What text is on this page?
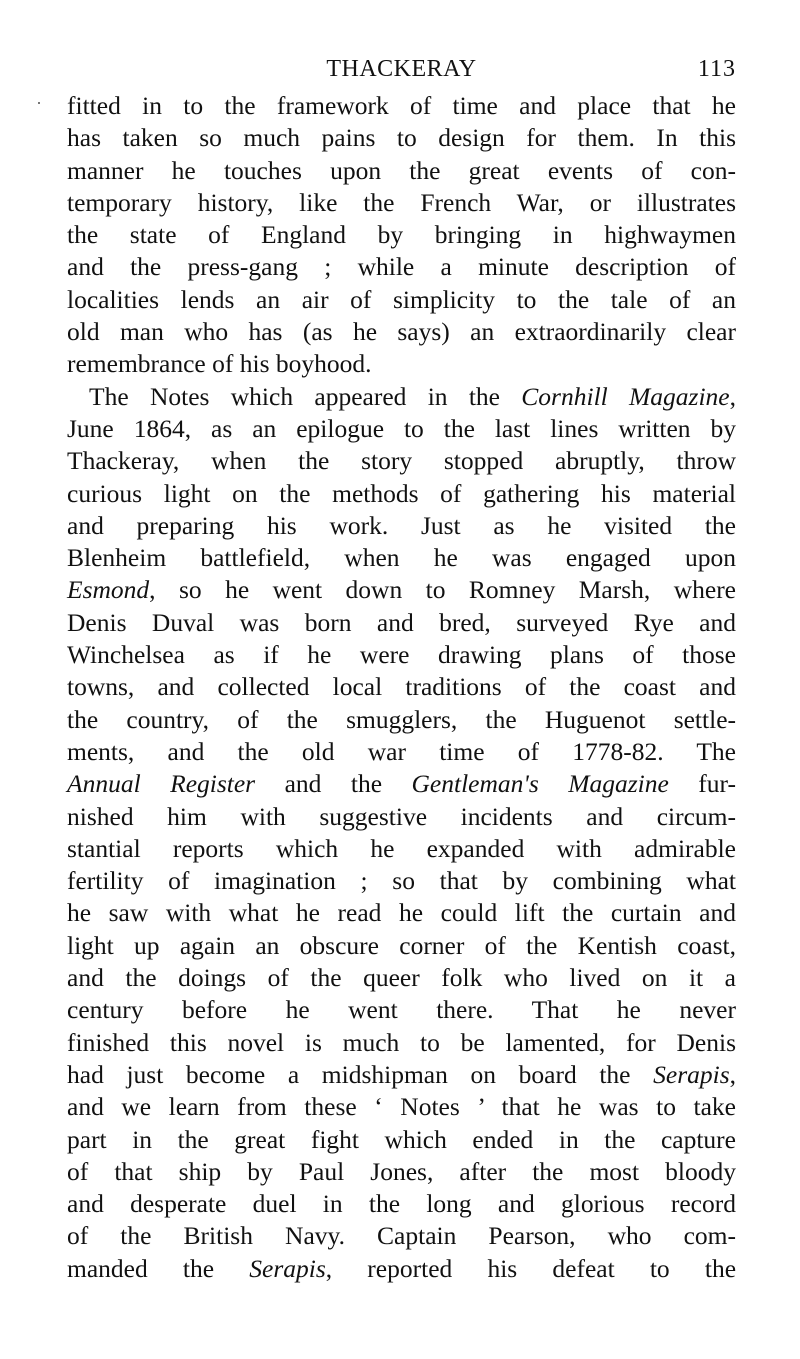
THACKERAY	113
fitted in to the framework of time and place that he
has taken so much pains to design for them. In this
manner he touches upon the great events of con-
temporary history, like the French War, or illustrates
the state of England by bringing in highwaymen
and the press-gang ; while a minute description of
localities lends an air of simplicity to the tale of an
old man who has (as he says) an extraordinarily clear
remembrance of his boyhood.
The Notes which appeared in the Cornhill Magazine,
June 1864, as an epilogue to the last lines written by
Thackeray, when the story stopped abruptly, throw
curious light on the methods of gathering his material
and preparing his work. Just as he visited the
Blenheim battlefield, when he was engaged upon
Esmond, so he went down to Romney Marsh, where
Denis Duval was born and bred, surveyed Rye and
Winchelsea as if he were drawing plans of those
towns, and collected local traditions of the coast and
the country, of the smugglers, the Huguenot settle-
ments, and the old war time of 1778-82. The
Annual Register and the Gentleman's Magazine fur-
nished him with suggestive incidents and circum-
stantial reports which he expanded with admirable
fertility of imagination ; so that by combining what
he saw with what he read he could lift the curtain and
light up again an obscure corner of the Kentish coast,
and the doings of the queer folk who lived on it a
century before he went there. That he never
finished this novel is much to be lamented, for Denis
had just become a midshipman on board the Serapis,
and we learn from these ‘ Notes ’ that he was to take
part in the great fight which ended in the capture
of that ship by Paul Jones, after the most bloody
and desperate duel in the long and glorious record
of the British Navy. Captain Pearson, who com-
manded the Serapis, reported his defeat to the
